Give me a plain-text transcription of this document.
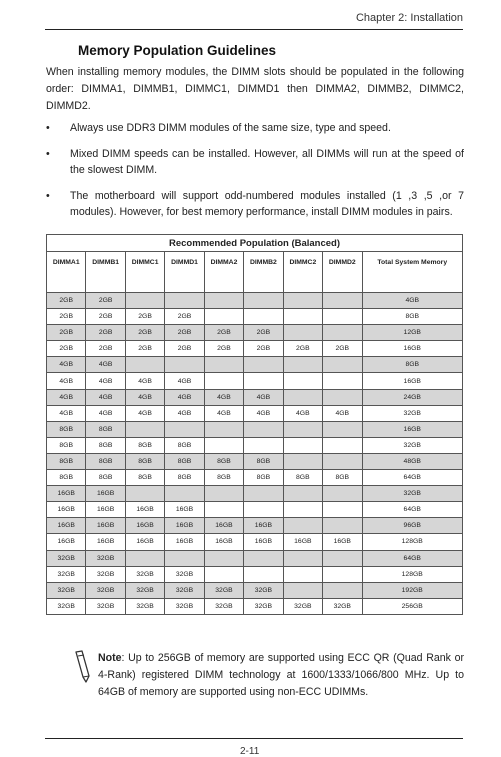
Chapter 2: Installation
Memory Population Guidelines
When installing memory modules, the DIMM slots should be populated in the following order: DIMMA1, DIMMB1, DIMMC1, DIMMD1 then DIMMA2, DIMMB2, DIMMC2, DIMMD2.
• Always use DDR3 DIMM modules of the same size, type and speed.
• Mixed DIMM speeds can be installed. However, all DIMMs will run at the speed of the slowest DIMM.
• The motherboard will support odd-numbered modules installed (1 ,3 ,5 ,or 7 modules). However, for best memory performance, install DIMM modules in pairs.
Recommended Population (Balanced)								
DIMMA1	DIMMB1	DIMMC1	DIMMD1	DIMMA2	DIMMB2	DIMMC2	DIMMD2	Total System Memory
2GB	2GB							4GB
2GB	2GB	2GB	2GB					8GB
2GB	2GB	2GB	2GB	2GB	2GB			12GB
2GB	2GB	2GB	2GB	2GB	2GB	2GB	2GB	16GB
4GB	4GB							8GB
4GB	4GB	4GB	4GB					16GB
4GB	4GB	4GB	4GB	4GB	4GB			24GB
4GB	4GB	4GB	4GB	4GB	4GB	4GB	4GB	32GB
8GB	8GB							16GB
8GB	8GB	8GB	8GB					32GB
8GB	8GB	8GB	8GB	8GB	8GB			48GB
8GB	8GB	8GB	8GB	8GB	8GB	8GB	8GB	64GB
16GB	16GB							32GB
16GB	16GB	16GB	16GB					64GB
16GB	16GB	16GB	16GB	16GB	16GB			96GB
16GB	16GB	16GB	16GB	16GB	16GB	16GB	16GB	128GB
32GB	32GB							64GB
32GB	32GB	32GB	32GB					128GB
32GB	32GB	32GB	32GB	32GB	32GB			192GB
32GB	32GB	32GB	32GB	32GB	32GB	32GB	32GB	256GB
Note: Up to 256GB of memory are supported using ECC QR (Quad Rank or 4-Rank) registered DIMM technology at 1600/1333/1066/800 MHz. Up to 64GB of memory are supported using non-ECC UDIMMs.
2-11
